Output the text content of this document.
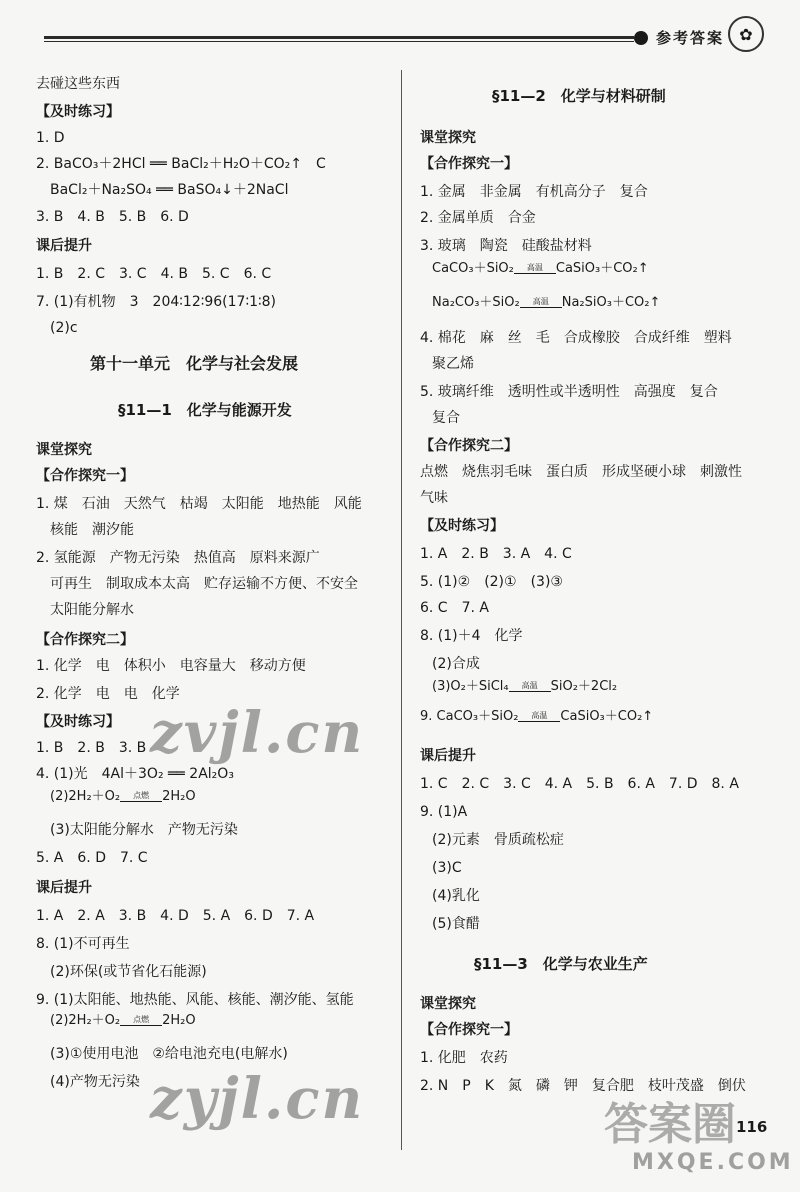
参考答案 ✿
去碰这些东西
【及时练习】
1. D
2. BaCO₃＋2HCl ══ BaCl₂＋H₂O＋CO₂↑　C
BaCl₂＋Na₂SO₄ ══ BaSO₄↓＋2NaCl
3. B　4. B　5. B　6. D
课后提升
1. B　2. C　3. C　4. B　5. C　6. C
7. (1)有机物　3　204∶12∶96(17∶1∶8)
(2)c
第十一单元　化学与社会发展
§11—1　化学与能源开发
课堂探究
【合作探究一】
1. 煤　石油　天然气　枯竭　太阳能　地热能　风能
核能　潮汐能
2. 氢能源　产物无污染　热值高　原料来源广
可再生　制取成本太高　贮存运输不方便、不安全
太阳能分解水
【合作探究二】
1. 化学　电　体积小　电容量大　移动方便
2. 化学　电　电　化学
【及时练习】
1. B　2. B　3. B
4. (1)光　4Al＋3O₂ ══ 2Al₂O₃
(2)2H₂＋O₂	点燃	2H₂O
(3)太阳能分解水　产物无污染
5. A　6. D　7. C
课后提升
1. A　2. A　3. B　4. D　5. A　6. D　7. A
8. (1)不可再生
(2)环保(或节省化石能源)
9. (1)太阳能、地热能、风能、核能、潮汐能、氢能
(2)2H₂＋O₂	点燃	2H₂O
(3)①使用电池　②给电池充电(电解水)
(4)产物无污染
§11—2　化学与材料研制
课堂探究
【合作探究一】
1. 金属　非金属　有机高分子　复合
2. 金属单质　合金
3. 玻璃　陶瓷　硅酸盐材料
CaCO₃＋SiO₂	高温	CaSiO₃＋CO₂↑
Na₂CO₃＋SiO₂	高温	Na₂SiO₃＋CO₂↑
4. 棉花　麻　丝　毛　合成橡胶　合成纤维　塑料
聚乙烯
5. 玻璃纤维　透明性或半透明性　高强度　复合
复合
【合作探究二】
点燃　烧焦羽毛味　蛋白质　形成坚硬小球　刺激性
气味
【及时练习】
1. A　2. B　3. A　4. C
5. (1)②　(2)①　(3)③
6. C　7. A
8. (1)＋4　化学
(2)合成
(3)O₂＋SiCl₄	高温	SiO₂＋2Cl₂
9. CaCO₃＋SiO₂	高温	CaSiO₃＋CO₂↑
课后提升
1. C　2. C　3. C　4. A　5. B　6. A　7. D　8. A
9. (1)A
(2)元素　骨质疏松症
(3)C
(4)乳化
(5)食醋
§11—3　化学与农业生产
课堂探究
【合作探究一】
1. 化肥　农药
2. N　P　K　氮　磷　钾　复合肥　枝叶茂盛　倒伏
zvjl.cn
zyjl.cn	答案圈
MXQE.COM
116
